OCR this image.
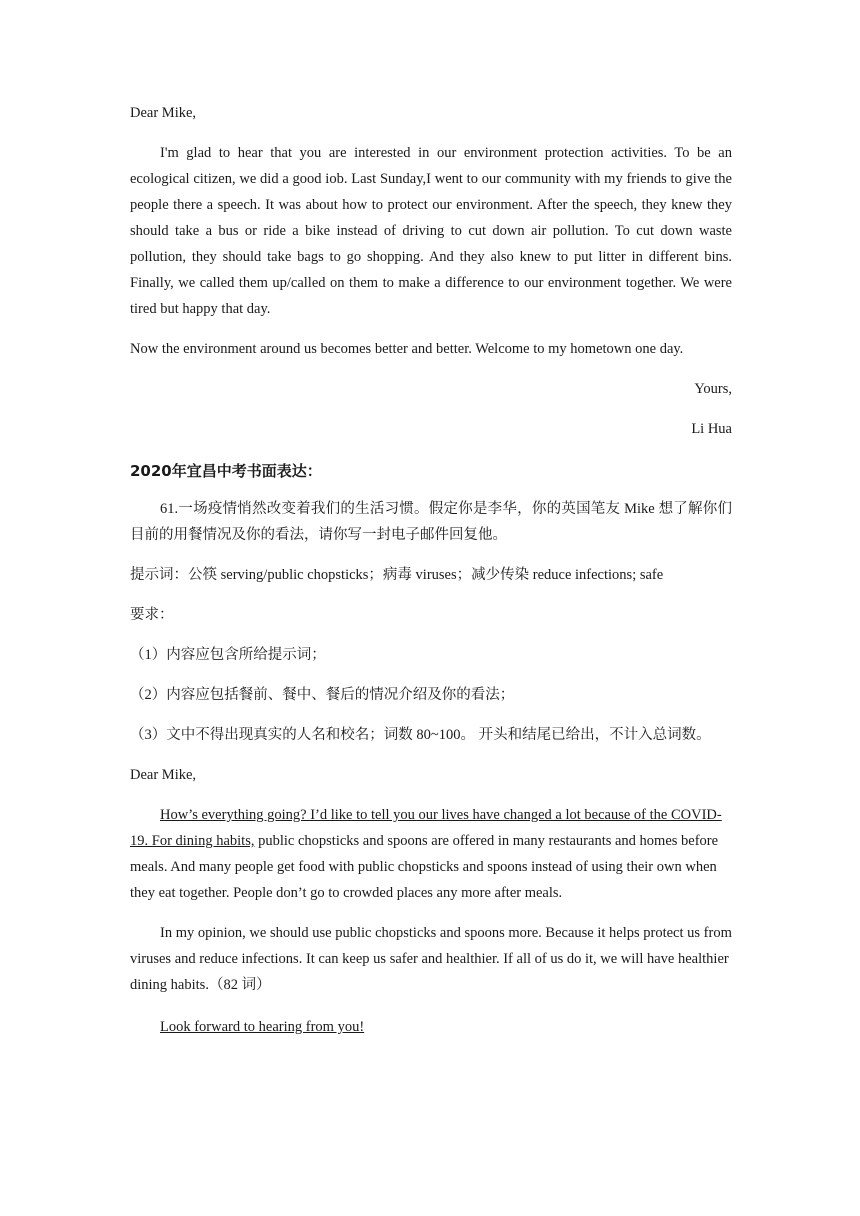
Dear Mike,

I'm glad to hear that you are interested in our environment protection activities. To be an ecological citizen, we did a good iob. Last Sunday,I went to our community with my friends to give the people there a speech. It was about how to protect our environment. After the speech, they knew they should take a bus or ride a bike instead of driving to cut down air pollution. To cut down waste pollution, they should take bags to go shopping. And they also knew to put litter in different bins. Finally, we called them up/called on them to make a difference to our environment together. We were tired but happy that day.

Now the environment around us becomes better and better. Welcome to my hometown one day.

Yours,

Li Hua

2020年宜昌中考书面表达：

61.一场疫情悄然改变着我们的生活习惯。假定你是李华，你的英国笔友 Mike 想了解你们目前的用餐情况及你的看法，请你写一封电子邮件回复他。

提示词：公筷 serving/public chopsticks；病毒 viruses；减少传染 reduce infections; safe

要求：

（1）内容应包含所给提示词；

（2）内容应包括餐前、餐中、餐后的情况介绍及你的看法；

（3）文中不得出现真实的人名和校名；词数 80~100。 开头和结尾已给出，不计入总词数。

Dear Mike,

How’s everything going? I’d like to tell you our lives have changed a lot because of the COVID-19. For dining habits, public chopsticks and spoons are offered in many restaurants and homes before meals. And many people get food with public chopsticks and spoons instead of using their own when they eat together. People don’t go to crowded places any more after meals.

In my opinion, we should use public chopsticks and spoons more. Because it helps protect us from viruses and reduce infections. It can keep us safer and healthier. If all of us do it, we will have healthier dining habits.（82 词）

Look forward to hearing from you!
